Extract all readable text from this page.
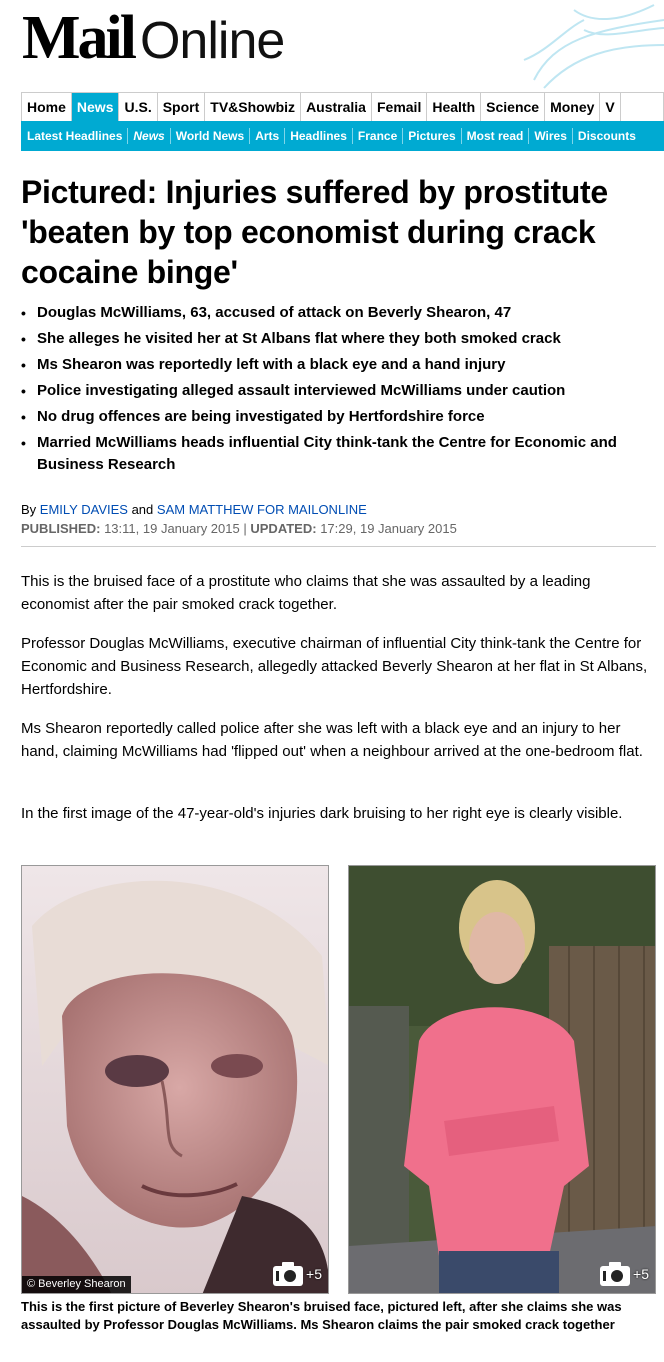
Mail Online
Home News U.S. Sport TV&Showbiz Australia Femail Health Science Money V
Latest Headlines News World News Arts Headlines France Pictures Most read Wires Discounts
Pictured: Injuries suffered by prostitute 'beaten by top economist during crack cocaine binge'
• Douglas McWilliams, 63, accused of attack on Beverly Shearon, 47
• She alleges he visited her at St Albans flat where they both smoked crack
• Ms Shearon was reportedly left with a black eye and a hand injury
• Police investigating alleged assault interviewed McWilliams under caution
• No drug offences are being investigated by Hertfordshire force
• Married McWilliams heads influential City think-tank the Centre for Economic and Business Research
By EMILY DAVIES and SAM MATTHEW FOR MAILONLINE
PUBLISHED: 13:11, 19 January 2015 | UPDATED: 17:29, 19 January 2015

This is the bruised face of a prostitute who claims that she was assaulted by a leading economist after the pair smoked crack together.

Professor Douglas McWilliams, executive chairman of influential City think-tank the Centre for Economic and Business Research, allegedly attacked Beverly Shearon at her flat in St Albans, Hertfordshire.

Ms Shearon reportedly called police after she was left with a black eye and an injury to her hand, claiming McWilliams had 'flipped out' when a neighbour arrived at the one-bedroom flat.

In the first image of the 47-year-old's injuries dark bruising to her right eye is clearly visible.

© Beverley Shearon
+5	+5

This is the first picture of Beverley Shearon's bruised face, pictured left, after she claims she was assaulted by Professor Douglas McWilliams. Ms Shearon claims the pair smoked crack together
